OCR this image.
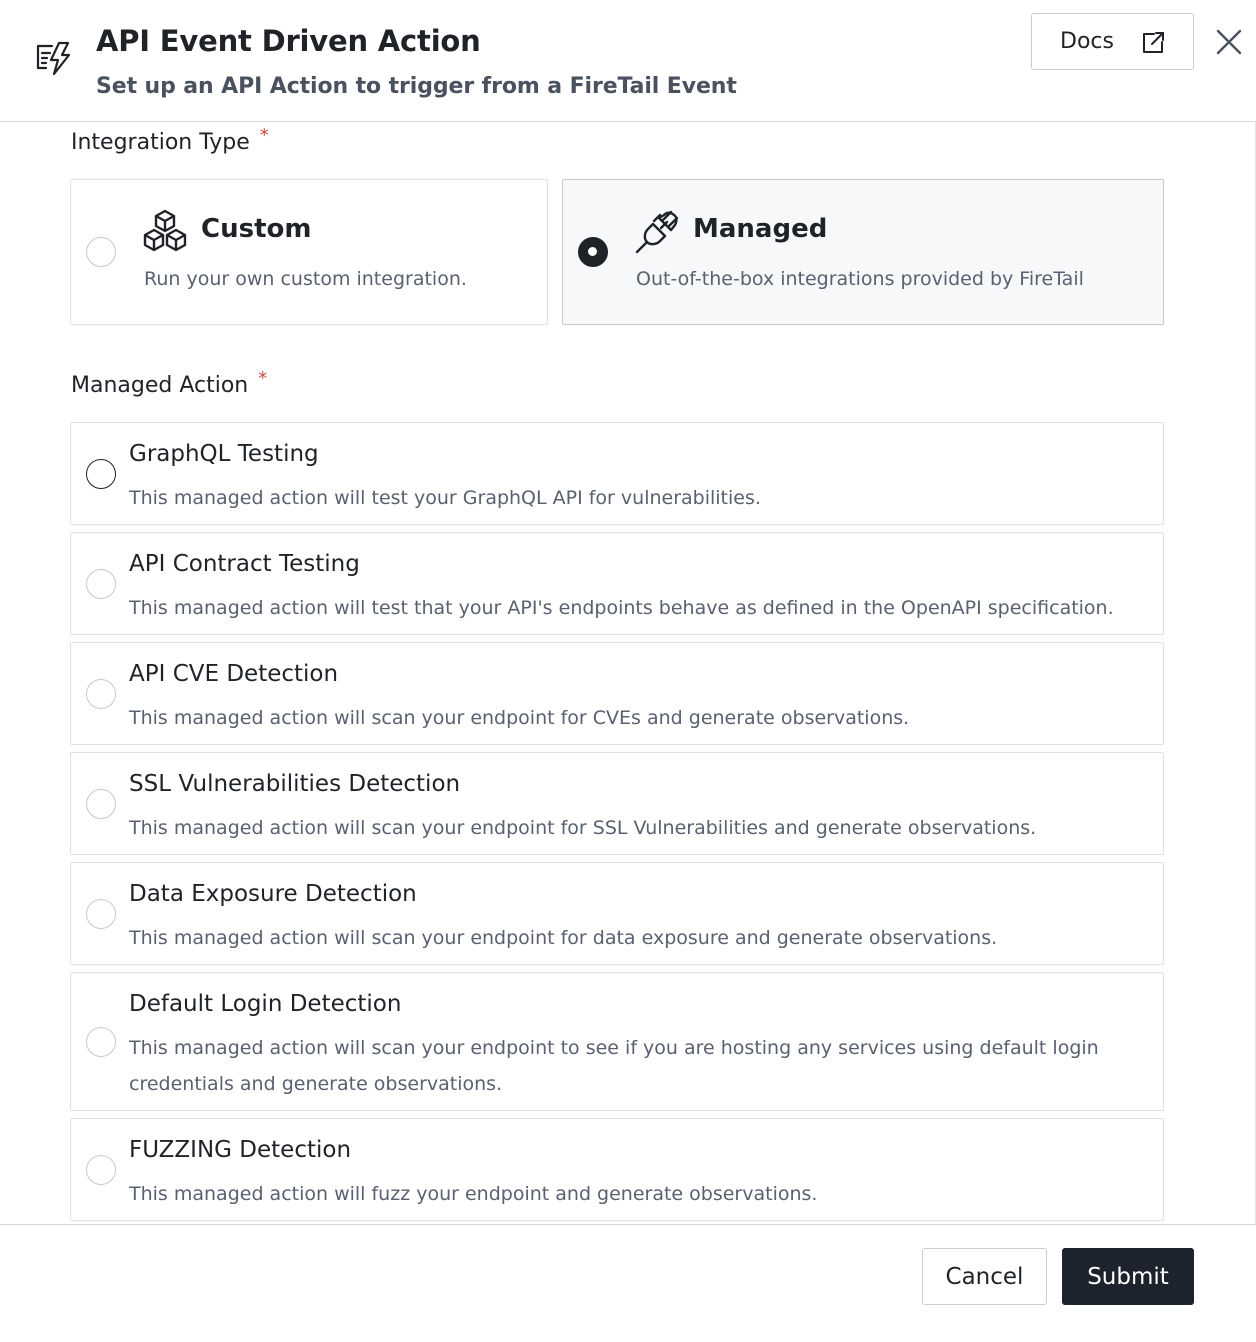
API Event Driven Action
Set up an API Action to trigger from a FireTail Event
Docs
Integration Type *
Custom
Run your own custom integration.
Managed
Out-of-the-box integrations provided by FireTail
Managed Action *
GraphQL Testing
This managed action will test your GraphQL API for vulnerabilities.
API Contract Testing
This managed action will test that your API's endpoints behave as defined in the OpenAPI specification.
API CVE Detection
This managed action will scan your endpoint for CVEs and generate observations.
SSL Vulnerabilities Detection
This managed action will scan your endpoint for SSL Vulnerabilities and generate observations.
Data Exposure Detection
This managed action will scan your endpoint for data exposure and generate observations.
Default Login Detection
This managed action will scan your endpoint to see if you are hosting any services using default login credentials and generate observations.
FUZZING Detection
This managed action will fuzz your endpoint and generate observations.
Cancel	Submit
